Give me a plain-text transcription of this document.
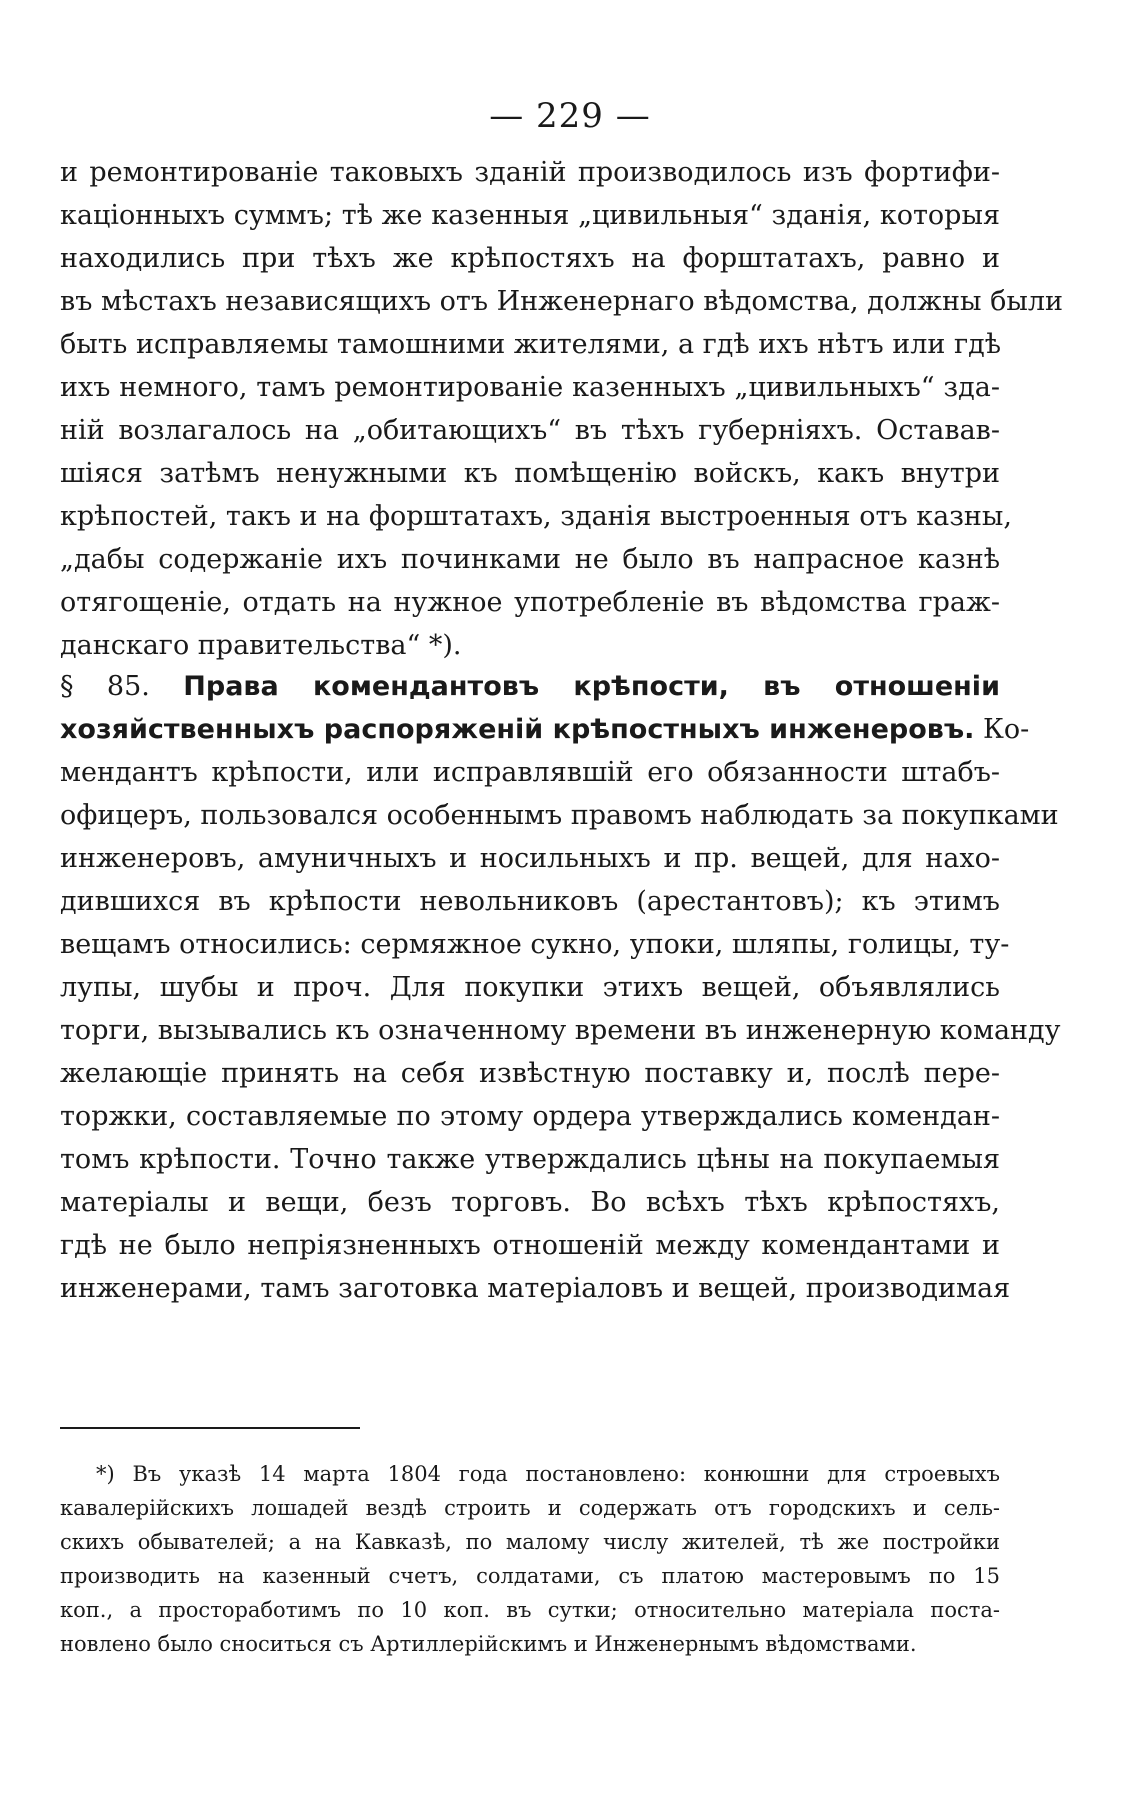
— 229 —
и ремонтированіе таковыхъ зданій производилось изъ фортифи-
каціонныхъ суммъ; тѣ же казенныя „цивильныя“ зданія, которыя
находились при тѣхъ же крѣпостяхъ на форштатахъ, равно и
въ мѣстахъ независящихъ отъ Инженернаго вѣдомства, должны были
быть исправляемы тамошними жителями, а гдѣ ихъ нѣтъ или гдѣ
ихъ немного, тамъ ремонтированіе казенныхъ „цивильныхъ“ зда-
ній возлагалось на „обитающихъ“ въ тѣхъ губерніяхъ. Оставав-
шіяся затѣмъ ненужными къ помѣщенію войскъ, какъ внутри
крѣпостей, такъ и на форштатахъ, зданія выстроенныя отъ казны,
„дабы содержаніе ихъ починками не было въ напрасное казнѣ
отягощеніе, отдать на нужное употребленіе въ вѣдомства граж-
данскаго правительства“ *).
§ 85. Права комендантовъ крѣпости, въ отношеніи
хозяйственныхъ распоряженій крѣпостныхъ инженеровъ. Ко-
мендантъ крѣпости, или исправлявшій его обязанности штабъ-
офицеръ, пользовался особеннымъ правомъ наблюдать за покупками
инженеровъ, амуничныхъ и носильныхъ и пр. вещей, для нахо-
дившихся въ крѣпости невольниковъ (арестантовъ); къ этимъ
вещамъ относились: сермяжное сукно, упоки, шляпы, голицы, ту-
лупы, шубы и проч. Для покупки этихъ вещей, объявлялись
торги, вызывались къ означенному времени въ инженерную команду
желающіе принять на себя извѣстную поставку и, послѣ пере-
торжки, составляемые по этому ордера утверждались комендан-
томъ крѣпости. Точно также утверждались цѣны на покупаемыя
матеріалы и вещи, безъ торговъ. Во всѣхъ тѣхъ крѣпостяхъ,
гдѣ не было непріязненныхъ отношеній между комендантами и
инженерами, тамъ заготовка матеріаловъ и вещей, производимая
*) Въ указѣ 14 марта 1804 года постановлено: конюшни для строевыхъ
кавалерійскихъ лошадей вездѣ строить и содержать отъ городскихъ и сель-
скихъ обывателей; а на Кавказѣ, по малому числу жителей, тѣ же постройки
производить на казенный счетъ, солдатами, съ платою мастеровымъ по 15
коп., а простоработимъ по 10 коп. въ сутки; относительно матеріала поста-
новлено было сноситься съ Артиллерійскимъ и Инженернымъ вѣдомствами.
